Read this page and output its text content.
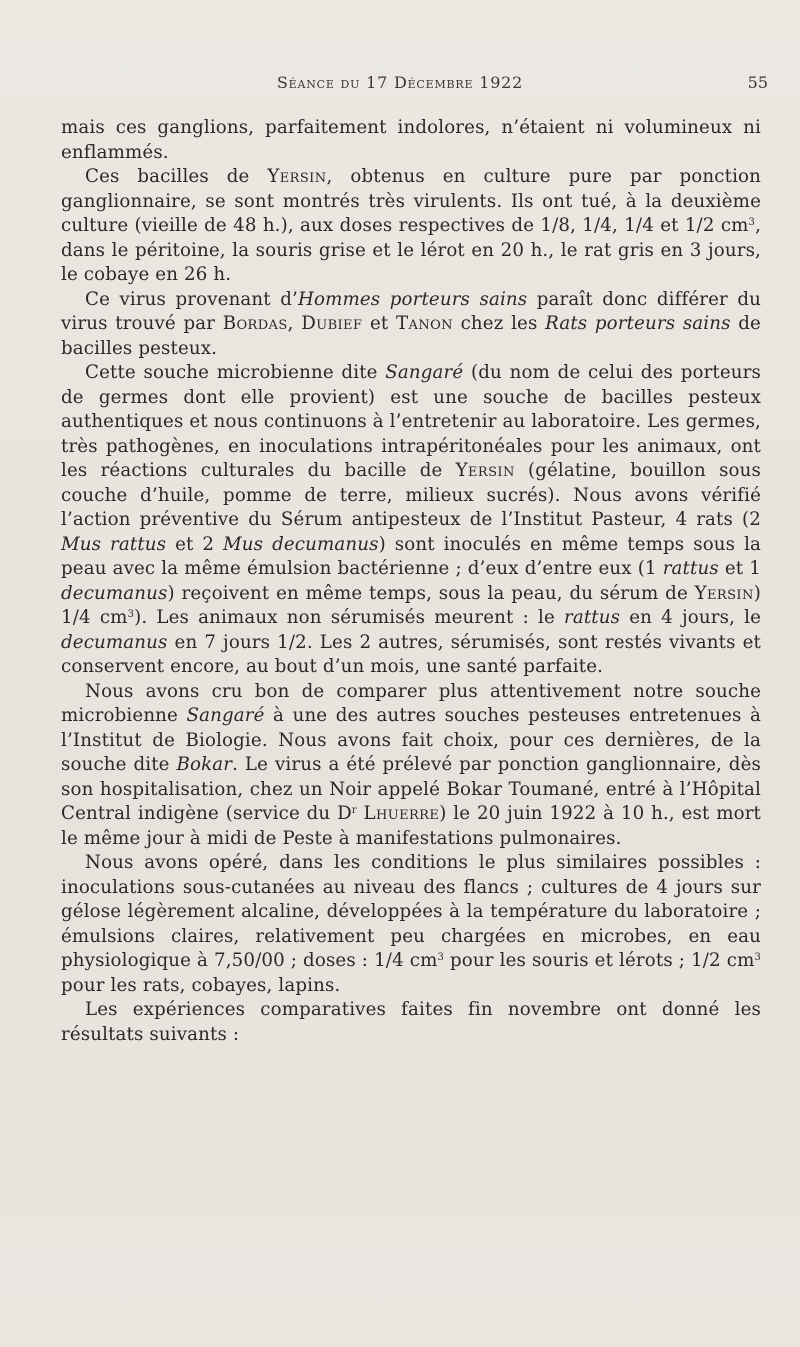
Séance du 17 Décembre 1922	55

mais ces ganglions, parfaitement indolores, n’étaient ni volumineux ni enflammés.

Ces bacilles de Yersin, obtenus en culture pure par ponction ganglionnaire, se sont montrés très virulents. Ils ont tué, à la deuxième culture (vieille de 48 h.), aux doses respectives de 1/8, 1/4, 1/4 et 1/2 $cm^3$, dans le péritoine, la souris grise et le lérot en 20 h., le rat gris en 3 jours, le cobaye en 26 h.

Ce virus provenant d’Hommes porteurs sains paraît donc différer du virus trouvé par Bordas, Dubief et Tanon chez les Rats porteurs sains de bacilles pesteux.

Cette souche microbienne dite Sangaré (du nom de celui des porteurs de germes dont elle provient) est une souche de bacilles pesteux authentiques et nous continuons à l’entretenir au laboratoire. Les germes, très pathogènes, en inoculations intrapéritonéales pour les animaux, ont les réactions culturales du bacille de Yersin (gélatine, bouillon sous couche d’huile, pomme de terre, milieux sucrés). Nous avons vérifié l’action préventive du Sérum antipesteux de l’Institut Pasteur, 4 rats (2 Mus rattus et 2 Mus decumanus) sont inoculés en même temps sous la peau avec la même émulsion bactérienne ; d’eux d’entre eux (1 rattus et 1 decumanus) reçoivent en même temps, sous la peau, du sérum de Yersin) 1/4 $cm^3$). Les animaux non sérumisés meurent : le rattus en 4 jours, le decumanus en 7 jours 1/2. Les 2 autres, sérumisés, sont restés vivants et conservent encore, au bout d’un mois, une santé parfaite.

Nous avons cru bon de comparer plus attentivement notre souche microbienne Sangaré à une des autres souches pesteuses entretenues à l’Institut de Biologie. Nous avons fait choix, pour ces dernières, de la souche dite Bokar. Le virus a été prélevé par ponction ganglionnaire, dès son hospitalisation, chez un Noir appelé Bokar Toumané, entré à l’Hôpital Central indigène (service du $D^r$ Lhuerre) le 20 juin 1922 à 10 h., est mort le même jour à midi de Peste à manifestations pulmonaires.

Nous avons opéré, dans les conditions le plus similaires possibles : inoculations sous-cutanées au niveau des flancs ; cultures de 4 jours sur gélose légèrement alcaline, développées à la température du laboratoire ; émulsions claires, relativement peu chargées en microbes, en eau physiologique à 7,50/00 ; doses : 1/4 $cm^3$ pour les souris et lérots ; 1/2 $cm^3$ pour les rats, cobayes, lapins.

Les expériences comparatives faites fin novembre ont donné les résultats suivants :
